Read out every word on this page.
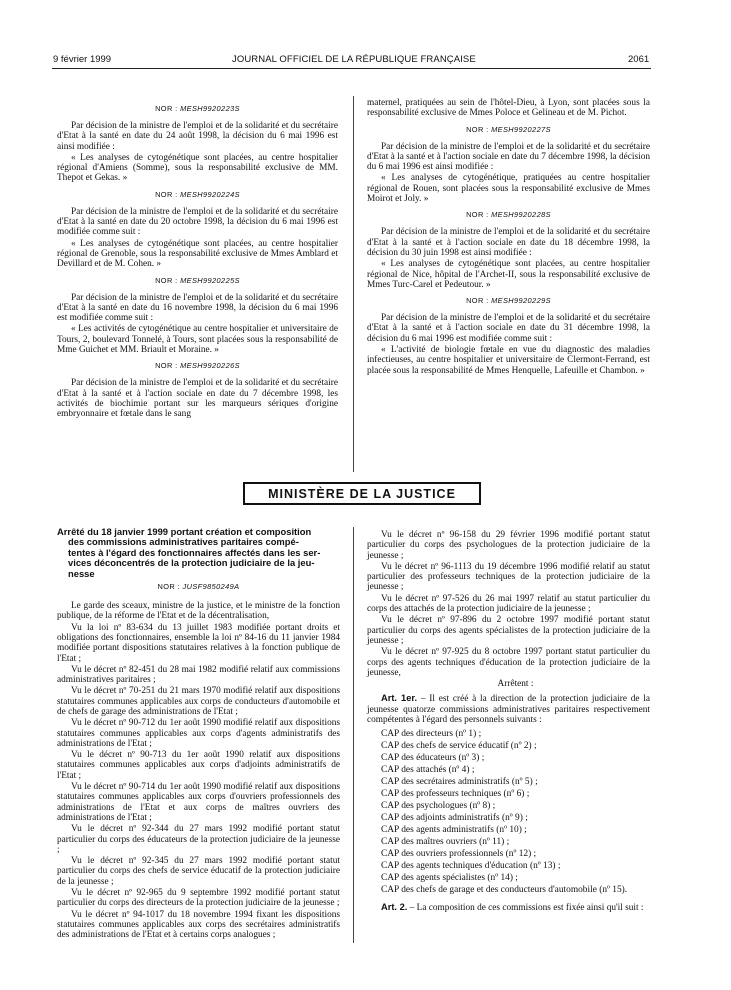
9 février 1999	JOURNAL OFFICIEL DE LA RÉPUBLIQUE FRANÇAISE	2061
NOR : MESH9920223S

Par décision de la ministre de l'emploi et de la solidarité et du secrétaire d'Etat à la santé en date du 24 août 1998, la décision du 6 mai 1996 est ainsi modifiée :

« Les analyses de cytogénétique sont placées, au centre hospitalier régional d'Amiens (Somme), sous la responsabilité exclusive de MM. Thepot et Gekas. »

NOR : MESH9920224S

Par décision de la ministre de l'emploi et de la solidarité et du secrétaire d'Etat à la santé en date du 20 octobre 1998, la décision du 6 mai 1996 est modifiée comme suit :

« Les analyses de cytogénétique sont placées, au centre hospitalier régional de Grenoble, sous la responsabilité exclusive de Mmes Amblard et Devillard et de M. Cohen. »

NOR : MESH9920225S

Par décision de la ministre de l'emploi et de la solidarité et du secrétaire d'Etat à la santé en date du 16 novembre 1998, la décision du 6 mai 1996 est modifiée comme suit :

« Les activités de cytogénétique au centre hospitalier et universitaire de Tours, 2, boulevard Tonnelé, à Tours, sont placées sous la responsabilité de Mme Guichet et MM. Briault et Moraine. »

NOR : MESH9920226S

Par décision de la ministre de l'emploi et de la solidarité et du secrétaire d'Etat à la santé et à l'action sociale en date du 7 décembre 1998, les activités de biochimie portant sur les marqueurs sériques d'origine embryonnaire et fœtale dans le sang

maternel, pratiquées au sein de l'hôtel-Dieu, à Lyon, sont placées sous la responsabilité exclusive de Mmes Poloce et Gelineau et de M. Pichot.

NOR : MESH9920227S

Par décision de la ministre de l'emploi et de la solidarité et du secrétaire d'Etat à la santé et à l'action sociale en date du 7 décembre 1998, la décision du 6 mai 1996 est ainsi modifiée :

« Les analyses de cytogénétique, pratiquées au centre hospitalier régional de Rouen, sont placées sous la responsabilité exclusive de Mmes Moirot et Joly. »

NOR : MESH9920228S

Par décision de la ministre de l'emploi et de la solidarité et du secrétaire d'Etat à la santé et à l'action sociale en date du 18 décembre 1998, la décision du 30 juin 1998 est ainsi modifiée :

« Les analyses de cytogénétique sont placées, au centre hospitalier régional de Nice, hôpital de l'Archet-II, sous la responsabilité exclusive de Mmes Turc-Carel et Pedeutour. »

NOR : MESH9920229S

Par décision de la ministre de l'emploi et de la solidarité et du secrétaire d'Etat à la santé et à l'action sociale en date du 31 décembre 1998, la décision du 6 mai 1996 est modifiée comme suit :

« L'activité de biologie fœtale en vue du diagnostic des maladies infectieuses, au centre hospitalier et universitaire de Clermont-Ferrand, est placée sous la responsabilité de Mmes Henquelle, Lafeuille et Chambon. »

MINISTÈRE DE LA JUSTICE
Arrêté du 18 janvier 1999 portant création et composition
des commissions administratives paritaires compé-
tentes à l'égard des fonctionnaires affectés dans les ser-
vices déconcentrés de la protection judiciaire de la jeu-
nesse
NOR : JUSF9850249A

Le garde des sceaux, ministre de la justice, et le ministre de la fonction publique, de la réforme de l'Etat et de la décentralisation,

Vu la loi nº 83-634 du 13 juillet 1983 modifiée portant droits et obligations des fonctionnaires, ensemble la loi nº 84-16 du 11 janvier 1984 modifiée portant dispositions statutaires relatives à la fonction publique de l'Etat ;

Vu le décret nº 82-451 du 28 mai 1982 modifié relatif aux commissions administratives paritaires ;

Vu le décret nº 70-251 du 21 mars 1970 modifié relatif aux dispositions statutaires communes applicables aux corps de conducteurs d'automobile et de chefs de garage des administrations de l'Etat ;

Vu le décret nº 90-712 du 1er août 1990 modifié relatif aux dispositions statutaires communes applicables aux corps d'agents administratifs des administrations de l'Etat ;

Vu le décret nº 90-713 du 1er août 1990 relatif aux dispositions statutaires communes applicables aux corps d'adjoints administratifs de l'Etat ;

Vu le décret nº 90-714 du 1er août 1990 modifié relatif aux dispositions statutaires communes applicables aux corps d'ouvriers professionnels des administrations de l'Etat et aux corps de maîtres ouvriers des administrations de l'Etat ;

Vu le décret nº 92-344 du 27 mars 1992 modifié portant statut particulier du corps des éducateurs de la protection judiciaire de la jeunesse ;

Vu le décret nº 92-345 du 27 mars 1992 modifié portant statut particulier du corps des chefs de service éducatif de la protection judiciaire de la jeunesse ;

Vu le décret nº 92-965 du 9 septembre 1992 modifié portant statut particulier du corps des directeurs de la protection judiciaire de la jeunesse ;

Vu le décret nº 94-1017 du 18 novembre 1994 fixant les dispositions statutaires communes applicables aux corps des secrétaires administratifs des administrations de l'Etat et à certains corps analogues ;

Vu le décret nº 96-158 du 29 février 1996 modifié portant statut particulier du corps des psychologues de la protection judiciaire de la jeunesse ;

Vu le décret nº 96-1113 du 19 décembre 1996 modifié relatif au statut particulier des professeurs techniques de la protection judiciaire de la jeunesse ;

Vu le décret nº 97-526 du 26 mai 1997 relatif au statut particulier du corps des attachés de la protection judiciaire de la jeunesse ;

Vu le décret nº 97-896 du 2 octobre 1997 modifié portant statut particulier du corps des agents spécialistes de la protection judiciaire de la jeunesse ;

Vu le décret nº 97-925 du 8 octobre 1997 portant statut particulier du corps des agents techniques d'éducation de la protection judiciaire de la jeunesse,

Arrêtent :

Art. 1er. – Il est créé à la direction de la protection judiciaire de la jeunesse quatorze commissions administratives paritaires respectivement compétentes à l'égard des personnels suivants :

CAP des directeurs (nº 1) ;
CAP des chefs de service éducatif (nº 2) ;
CAP des éducateurs (nº 3) ;
CAP des attachés (nº 4) ;
CAP des secrétaires administratifs (nº 5) ;
CAP des professeurs techniques (nº 6) ;
CAP des psychologues (nº 8) ;
CAP des adjoints administratifs (nº 9) ;
CAP des agents administratifs (nº 10) ;
CAP des maîtres ouvriers (nº 11) ;
CAP des ouvriers professionnels (nº 12) ;
CAP des agents techniques d'éducation (nº 13) ;
CAP des agents spécialistes (nº 14) ;
CAP des chefs de garage et des conducteurs d'automobile (nº 15).

Art. 2. – La composition de ces commissions est fixée ainsi qu'il suit :
